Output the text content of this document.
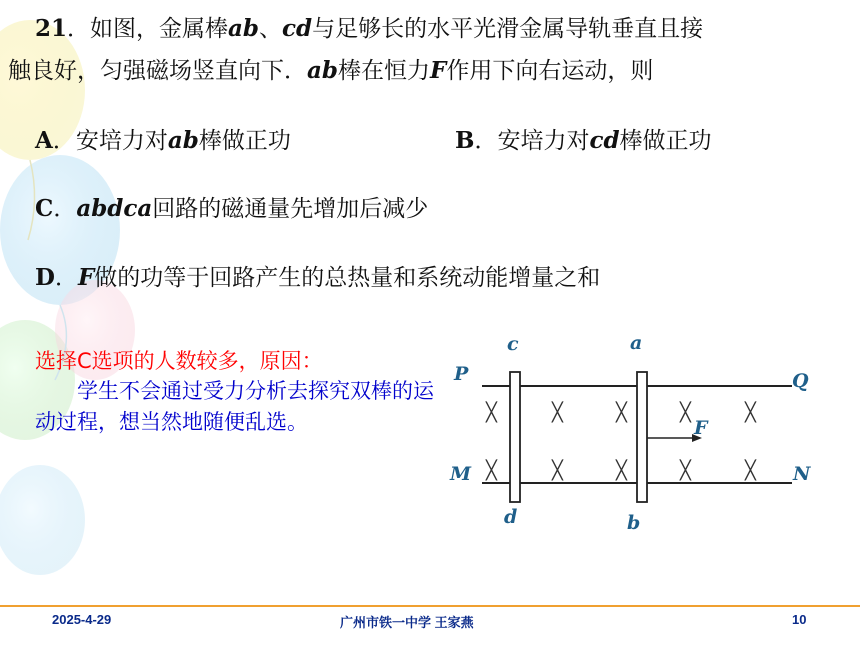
21．如图，金属棒ab、cd与足够长的水平光滑金属导轨垂直且接
触良好，匀强磁场竖直向下．ab棒在恒力F作用下向右运动，则
A．安培力对ab棒做正功	B．安培力对cd棒做正功
C．abdca回路的磁通量先增加后减少
D．F做的功等于回路产生的总热量和系统动能增量之和
选择C选项的人数较多，原因：
学生不会通过受力分析去探究双棒的运动过程，想当然地随便乱选。	╳	╳	╳	╳	╳
╳	╳	╳	╳	╳
P	Q
M	N
c	a
d	b
F
2025-4-29	广州市铁一中学 王家燕	10
